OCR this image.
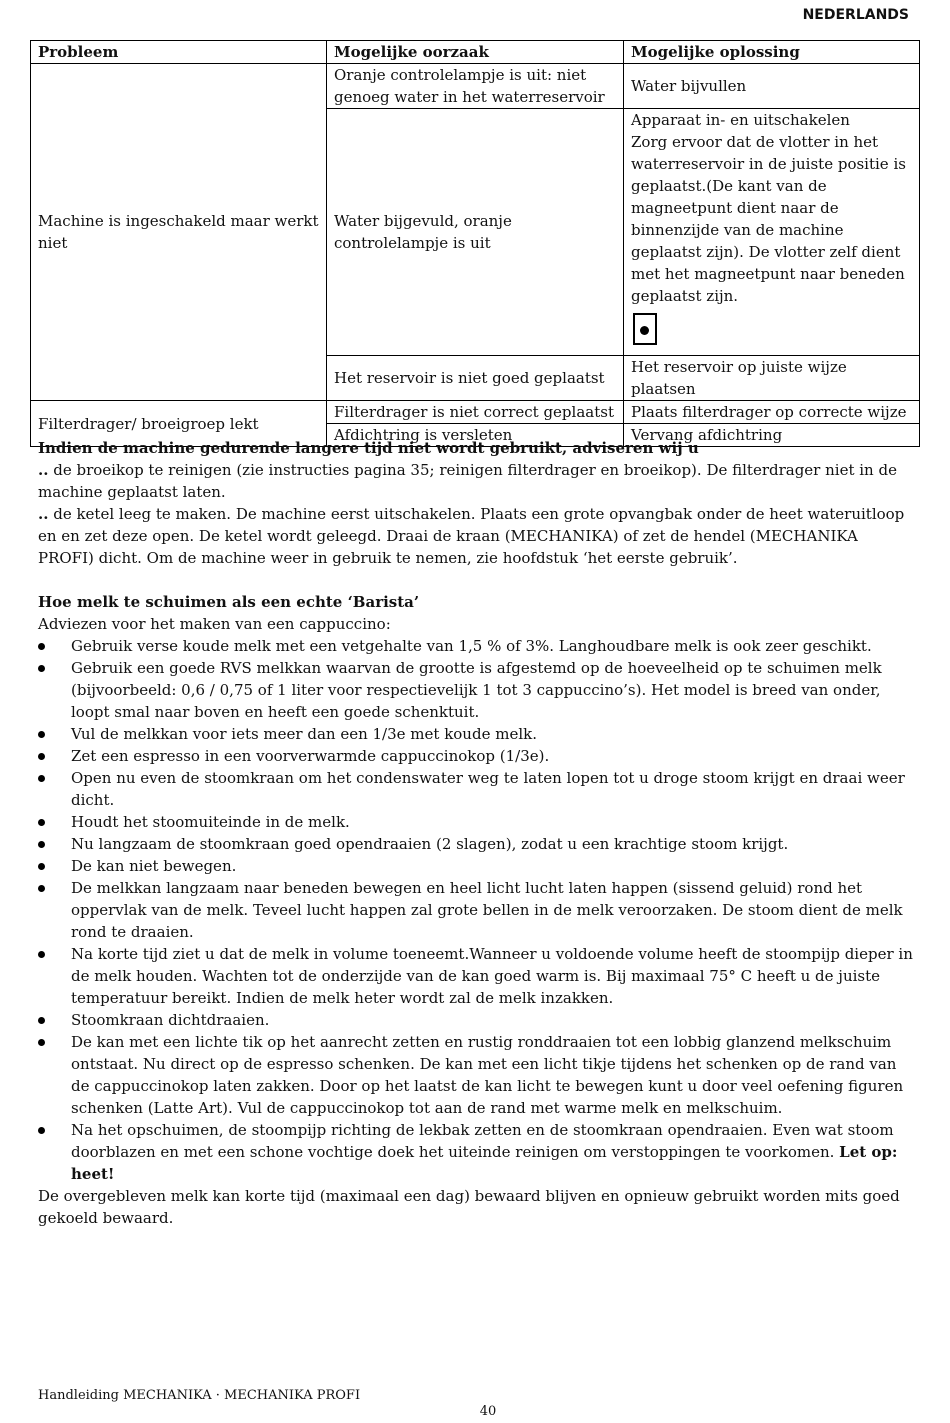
NEDERLANDS
Probleem	Mogelijke oorzaak	Mogelijke oplossing
Machine is ingeschakeld maar werkt niet	Oranje controlelampje is uit: niet genoeg water in het waterreservoir	Water bijvullen
	Water bijgevuld, oranje controlelampje is uit	Apparaat in- en uitschakelen
Zorg ervoor dat de vlotter in het waterreservoir in de juiste positie is geplaatst.(De kant van de magneetpunt dient naar de binnenzijde van de machine geplaatst zijn). De vlotter zelf dient met het magneetpunt naar beneden geplaatst zijn.

	Het reservoir is niet goed geplaatst	Het reservoir op juiste wijze plaatsen
Filterdrager/ broeigroep lekt	Filterdrager is niet correct geplaatst	Plaats filterdrager op correcte wijze
	Afdichtring is versleten	Vervang afdichtring

Indien de machine gedurende langere tijd niet wordt gebruikt, adviseren wij u

.. de broeikop te reinigen (zie instructies pagina 35; reinigen filterdrager en broeikop). De filterdrager niet in de machine geplaatst laten.

.. de ketel leeg te maken. De machine eerst uitschakelen. Plaats een grote opvangbak onder de heet wateruitloop en en zet deze open. De ketel wordt geleegd. Draai de kraan (MECHANIKA) of zet de hendel (MECHANIKA PROFI) dicht. Om de machine weer in gebruik te nemen, zie hoofdstuk ‘het eerste gebruik’.

Hoe melk te schuimen als een echte ‘Barista’

Adviezen voor het maken van een cappuccino:

Gebruik verse koude melk met een vetgehalte van 1,5 % of 3%. Langhoudbare melk is ook zeer geschikt.
Gebruik een goede RVS melkkan waarvan de grootte is afgestemd op de hoeveelheid op te schuimen melk (bijvoorbeeld: 0,6 / 0,75 of 1 liter voor respectievelijk 1 tot 3 cappuccino’s). Het model is breed van onder, loopt smal naar boven en heeft een goede schenktuit.
Vul de melkkan voor iets meer dan een 1/3e met koude melk.
Zet een espresso in een voorverwarmde cappuccinokop (1/3e).
Open nu even de stoomkraan om het condenswater weg te laten lopen tot u droge stoom krijgt en draai weer dicht.
Houdt het stoomuiteinde in de melk.
Nu langzaam de stoomkraan goed opendraaien (2 slagen), zodat u een krachtige stoom krijgt.
De kan niet bewegen.
De melkkan langzaam naar beneden bewegen en heel licht lucht laten happen (sissend geluid) rond het oppervlak van de melk. Teveel lucht happen zal grote bellen in de melk veroorzaken. De stoom dient de melk rond te draaien.
Na korte tijd ziet u dat de melk in volume toeneemt.Wanneer u voldoende volume heeft de stoompijp dieper in de melk houden. Wachten tot de onderzijde van de kan goed warm is. Bij maximaal 75° C heeft u de juiste temperatuur bereikt. Indien de melk heter wordt zal de melk inzakken.
Stoomkraan dichtdraaien.
De kan met een lichte tik op het aanrecht zetten en rustig ronddraaien tot een lobbig glanzend melkschuim ontstaat. Nu direct op de espresso schenken. De kan met een licht tikje tijdens het schenken op de rand van de cappuccinokop laten zakken. Door op het laatst de kan licht te bewegen kunt u door veel oefening figuren schenken (Latte Art). Vul de cappuccinokop tot aan de rand met warme melk en melkschuim.
Na het opschuimen, de stoompijp richting de lekbak zetten en de stoomkraan opendraaien. Even wat stoom doorblazen en met een schone vochtige doek het uiteinde reinigen om verstoppingen te voorkomen. Let op: heet!

De overgebleven melk kan korte tijd (maximaal een dag) bewaard blijven en opnieuw gebruikt worden mits goed gekoeld bewaard.

Handleiding MECHANIKA · MECHANIKA PROFI
40
